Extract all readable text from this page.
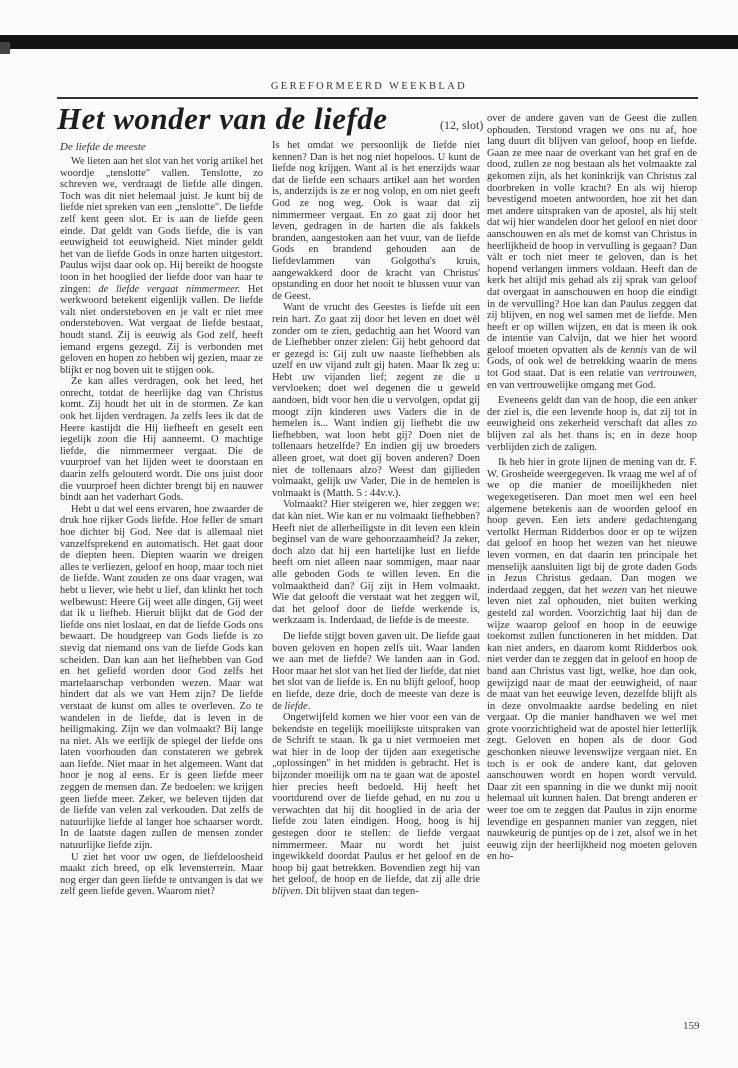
GEREFORMEERD WEEKBLAD
Het wonder van de liefde	(12, slot)
De liefde de meeste

We lieten aan het slot van het vorig artikel het woordje „tenslotte" vallen. Tenslotte, zo schreven we, verdraagt de liefde alle dingen. Toch was dit niet helemaal juist. Je kunt bij de liefde niet spreken van een „tenslotte". De liefde zelf kent geen slot. Er is aan de liefde geen einde. Dat geldt van Gods liefde, die is van eeuwigheid tot eeuwigheid. Niet minder geldt het van de liefde Gods in onze harten uitgestort. Paulus wijst daar ook op. Hij bereikt de hoogste toon in het hooglied der liefde door van haar te zingen: de liefde vergaat nimmermeer. Het werkwoord betekent eigenlijk vallen. De liefde valt niet ondersteboven en je valt er niet mee ondersteboven. Wat vergaat de liefde bestaat, houdt stand. Zij is eeuwig als God zelf, heeft iemand ergens gezegd. Zij is verbonden met geloven en hopen zo hebben wij gezien, maar ze blijkt er nog boven uit te stijgen ook.

Ze kan alles verdragen, ook het leed, het onrecht, totdat de heerlijke dag van Christus komt. Zij houdt het uit in de stormen. Ze kan ook het lijden verdragen. Ja zelfs lees ik dat de Heere kastijdt die Hij liefheeft en geselt een iegelijk zoon die Hij aanneemt. O machtige liefde, die nimmermeer vergaat. Die de vuurproef van het lijden weet te doorstaan en daarin zelfs gelouterd wordt. Die ons juist door die vuurproef heen dichter brengt bij en nauwer bindt aan het vaderhart Gods.

Hebt u dat wel eens ervaren, hoe zwaarder de druk hoe rijker Gods liefde. Hoe feller de smart hoe dichter bij God. Nee dat is allemaal niet vanzelfsprekend en automatisch. Het gaat door de diepten heen. Diepten waarin we dreigen alles te verliezen, geloof en hoop, maar toch niet de liefde. Want zouden ze ons daar vragen, wat hebt u liever, wie hebt u lief, dan klinkt het toch welbewust: Heere Gij weet alle dingen, Gij weet dat ik u liefheb. Hieruit blijkt dat de God der liefde ons niet loslaat, en dat de liefde Gods ons bewaart. De houdgreep van Gods liefde is zo stevig dat niemand ons van de liefde Gods kan scheiden. Dan kan aan het liefhebben van God en het geliefd worden door God zelfs het martelaarschap verbonden wezen. Maar wat hindert dat als we van Hem zijn? De liefde verstaat de kunst om alles te overleven. Zo te wandelen in de liefde, dat is leven in de heiligmaking. Zijn we dan volmaakt? Bij lange na niet. Als we eerlijk de spiegel der liefde ons laten voorhouden dan constateren we gebrek aan liefde. Niet maar in het algemeen. Want dat hoor je nog al eens. Er is geen liefde meer zeggen de mensen dan. Ze bedoelen: we krijgen geen liefde meer. Zeker, we beleven tijden dat de liefde van velen zal verkouden. Dat zelfs de natuurlijke liefde al langer hoe schaarser wordt. In de laatste dagen zullen de mensen zonder natuurlijke liefde zijn.

U ziet het voor uw ogen, de liefdeloosheid maakt zich breed, op elk levensterrein. Maar nog erger dan geen liefde te ontvangen is dat we zelf geen liefde geven. Waarom niet?

Is het omdat we persoonlijk de liefde niet kennen? Dan is het nog niet hopeloos. U kunt de liefde nog krijgen. Want al is het enerzijds waar dat de liefde een schaars artikel aan het worden is, anderzijds is ze er nog volop, en om niet geeft God ze nog weg. Ook is waar dat zij nimmermeer vergaat. En zo gaat zij door het leven, gedragen in de harten die als fakkels branden, aangestoken aan het vuur, van de liefde Gods en brandend gehouden aan de liefdevlammen van Golgotha's kruis, aangewakkerd door de kracht van Christus' opstanding en door het nooit te blussen vuur van de Geest.

Want de vrucht des Geestes is liefde uit een rein hart. Zo gaat zij door het leven en doet wèl zonder om te zien, gedachtig aan het Woord van de Liefhebber onzer zielen: Gij hebt gehoord dat er gezegd is: Gij zult uw naaste liefhebben als uzelf en uw vijand zult gij haten. Maar Ik zeg u: Hebt uw vijanden lief; zegent ze die u vervloeken; doet wel degenen die u geweld aandoen, bidt voor hen die u vervolgen, opdat gij moogt zijn kinderen uws Vaders die in de hemelen is... Want indien gij liefhebt die uw liefhebben, wat loon hebt gij? Doen niet de tollenaars hetzelfde? En indien gij uw broeders alleen groet, wat doet gij boven anderen? Doen niet de tollenaars alzo? Weest dan gijlieden volmaakt, gelijk uw Vader, Die in de hemelen is volmaakt is (Matth. 5 : 44v.v.).

Volmaakt? Hier steigeren we, hier zeggen we: dat kàn niet. Wie kan er nu volmaakt liefhebben? Heeft niet de allerheiligste in dit leven een klein beginsel van de ware gehoorzaamheid? Ja zeker, doch alzo dat hij een hartelijke lust en liefde heeft om niet alleen naar sommigen, maar naar alle geboden Gods te willen leven. En die volmaaktheid dan? Gij zijt in Hem volmaakt. Wie dat gelooft die verstaat wat het zeggen wil, dat het geloof door de liefde werkende is, werkzaam is. Inderdaad, de liefde is de meeste.

De liefde stijgt boven gaven uit. De liefde gaat boven geloven en hopen zelfs uit. Waar landen we aan met de liefde? We landen aan in God. Hoor maar het slot van het lied der liefde, dat niet het slot van de liefde is. En nu blijft geloof, hoop en liefde, deze drie, doch de meeste van deze is de liefde.

Ongetwijfeld komen we hier voor een van de bekendste en tegelijk moeilijkste uitspraken van de Schrift te staan. Ik ga u niet vermoeien met wat hier in de loop der tijden aan exegetische „oplossingen" in het midden is gebracht. Het is bijzonder moeilijk om na te gaan wat de apostel hier precies heeft bedoeld. Hij heeft het voortdurend over de liefde gehad, en nu zou u verwachten dat hij dit hooglied in de aria der liefde zou laten eindigen. Hoog, hoog is hij gestegen door te stellen: de liefde vergaat nimmermeer. Maar nu wordt het juist ingewikkeld doordat Paulus er het geloof en de hoop bij gaat betrekken. Bovendien zegt hij van het geloof, de hoop en de liefde, dat zij alle drie blijven. Dit blijven staat dan tegen-

over de andere gaven van de Geest die zullen ophouden. Terstond vragen we ons nu af, hoe lang duurt dit blijven van geloof, hoop en liefde. Gaan ze mee naar de overkant van het graf en de dood, zullen ze nog bestaan als het volmaakte zal gekomen zijn, als het koninkrijk van Christus zal doorbreken in volle kracht? En als wij hierop bevestigend moeten antwoorden, hoe zit het dan met andere uitspraken van de apostel, als hij stelt dat wij hier wandelen door het geloof en niet door aanschouwen en als met de komst van Christus in heerlijkheid de hoop in vervulling is gegaan? Dan vàlt er toch niet meer te geloven, dan is het hopend verlangen immers voldaan. Heeft dan de kerk het altijd mis gehad als zij sprak van geloof dat overgaat in aanschouwen en hoop die eindigt in de vervulling? Hoe kan dan Paulus zeggen dat zij blijven, en nog wel samen met de liefde. Men heeft er op willen wijzen, en dat is meen ik ook de intentie van Calvijn, dat we hier het woord geloof moeten opvatten als de kennis van de wil Gods, of ook wel de betrekking waarin de mens tot God staat. Dat is een relatie van vertrouwen, en van vertrouwelijke omgang met God.

Eveneens geldt dan van de hoop, die een anker der ziel is, die een levende hoop is, dat zij tot in eeuwigheid ons zekerheid verschaft dat alles zo blijven zal als het thans is; en in deze hoop verblijden zich de zaligen.

Ik heb hier in grote lijnen de mening van dr. F. W. Grosheide weergegeven. Ik vraag me wel af of we op die manier de moeilijkheden niet wegexegetiseren. Dan moet men wel een heel algemene betekenis aan de woorden geloof en hoop geven. Een iets andere gedachtengang vertolkt Herman Ridderbos door er op te wijzen dat geloof en hoop het wezen van het nieuwe leven vormen, en dat daarin ten principale het menselijk aansluiten ligt bij de grote daden Gods in Jezus Christus gedaan. Dan mogen we inderdaad zeggen, dat het wezen van het nieuwe leven niet zal ophouden, niet buiten werking gesteld zal worden. Voorzichtig laat hij dan de wijze waarop geloof en hoop in de eeuwige toekomst zullen functioneren in het midden. Dat kan niet anders, en daarom komt Ridderbos ook niet verder dan te zeggen dat in geloof en hoop de band aan Christus vast ligt, welke, hoe dan ook, gewijzigd naar de maat der eeuwigheid, of naar de maat van het eeuwige leven, dezelfde blijft als in deze onvolmaakte aardse bedeling en niet vergaat. Op die manier handhaven we wel met grote voorzichtigheid wat de apostel hier letterlijk zegt. Geloven en hopen als de door God geschonken nieuwe levenswijze vergaan niet. En toch is er ook de andere kant, dat geloven aanschouwen wordt en hopen wordt vervuld. Daar zit een spanning in die we dunkt mij nooit helemaal uit kunnen halen. Dat brengt anderen er weer toe om te zeggen dat Paulus in zijn enorme levendige en gespannen manier van zeggen, niet nauwkeurig de puntjes op de i zet, alsof we in het eeuwig zijn der heerlijkheid nog moeten geloven en ho-

159
